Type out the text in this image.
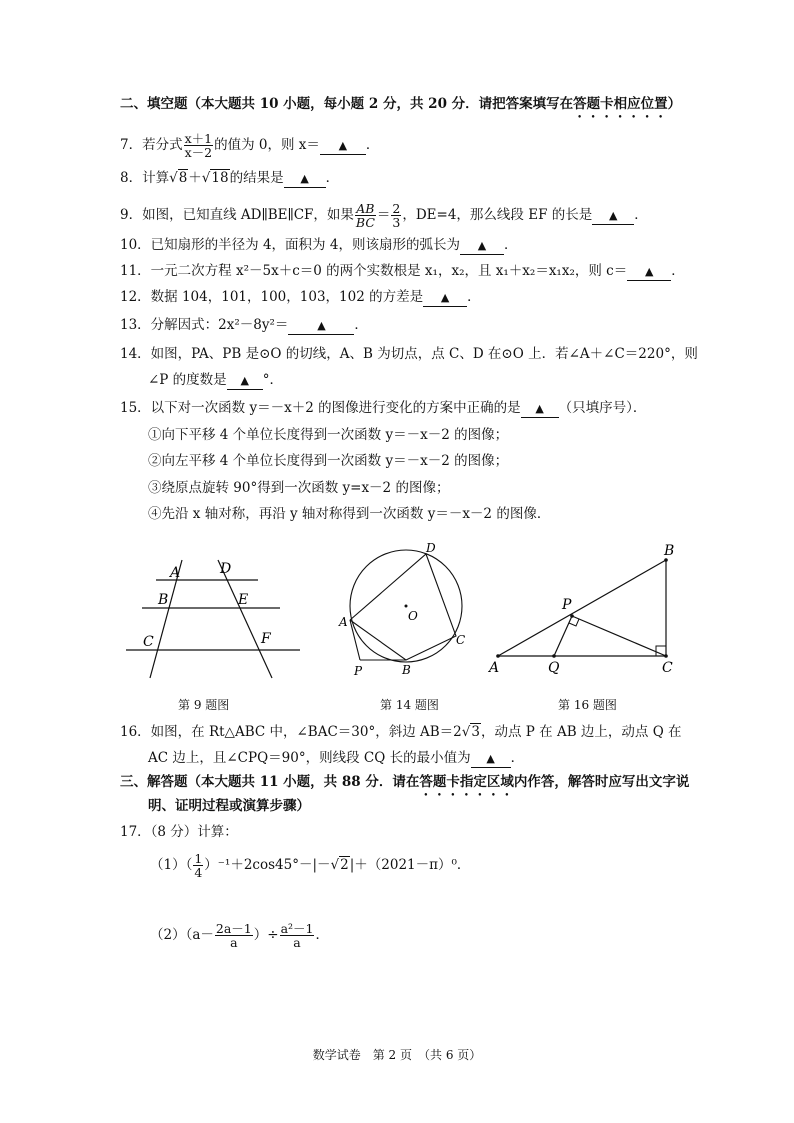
二、填空题（本大题共 10 小题，每小题 2 分，共 20 分．请把答案填写在答题卡相应位置）
7．若分式 $\frac{x+1}{x-2}$ 的值为 0，则 x＝ ▲ ．
8．计算√8＋√18的结果是 ▲ ．
9．如图，已知直线 AD∥BE∥CF，如果 $\frac{AB}{BC} = \frac{2}{3}$ ，DE=4，那么线段 EF 的长是 ▲ ．
10．已知扇形的半径为 4，面积为 4，则该扇形的弧长为 ▲ ．
11．一元二次方程 x²－5x＋c＝0 的两个实数根是 x₁，x₂，且 x₁＋x₂＝x₁x₂，则 c＝ ▲ ．
12．数据 104，101，100，103，102 的方差是 ▲ ．
13．分解因式：2x²－8y²＝	▲ ．
14．如图，PA、PB 是⊙O 的切线，A、B 为切点，点 C、D 在⊙O 上．若∠A＋∠C＝220°，则
∠P 的度数是 ▲ °．
15．以下对一次函数 y＝－x＋2 的图像进行变化的方案中正确的是 ▲ （只填序号）．
①向下平移 4 个单位长度得到一次函数 y＝－x－2 的图像；
②向左平移 4 个单位长度得到一次函数 y＝－x－2 的图像；
③绕原点旋转 90°得到一次函数 y=x－2 的图像；
④先沿 x 轴对称，再沿 y 轴对称得到一次函数 y＝－x－2 的图像．
A	D
B	E
C	F
第 9 题图
O
D
A
C
B
P
第 14 题图
B
P
A	Q	C
第 16 题图
16．如图，在 Rt△ABC 中，∠BAC＝30°，斜边 AB＝2√3，动点 P 在 AB 边上，动点 Q 在
AC 边上，且∠CPQ＝90°，则线段 CQ 长的最小值为 ▲ ．
三、解答题（本大题共 11 小题，共 88 分．请在答题卡指定区域内作答，解答时应写出文字说
明、证明过程或演算步骤）
17．（8 分）计算：
$(1)( \frac{1}{4} )^{-1}+2\cos 45^\circ-|-√2|+(2021-\pi)^0$．
$(2)(a- \frac{2a-1}{a}$ ）÷ $\frac{\text{a²－1}}{a}$ ．
数学试卷　第 2 页　（共 6 页）
